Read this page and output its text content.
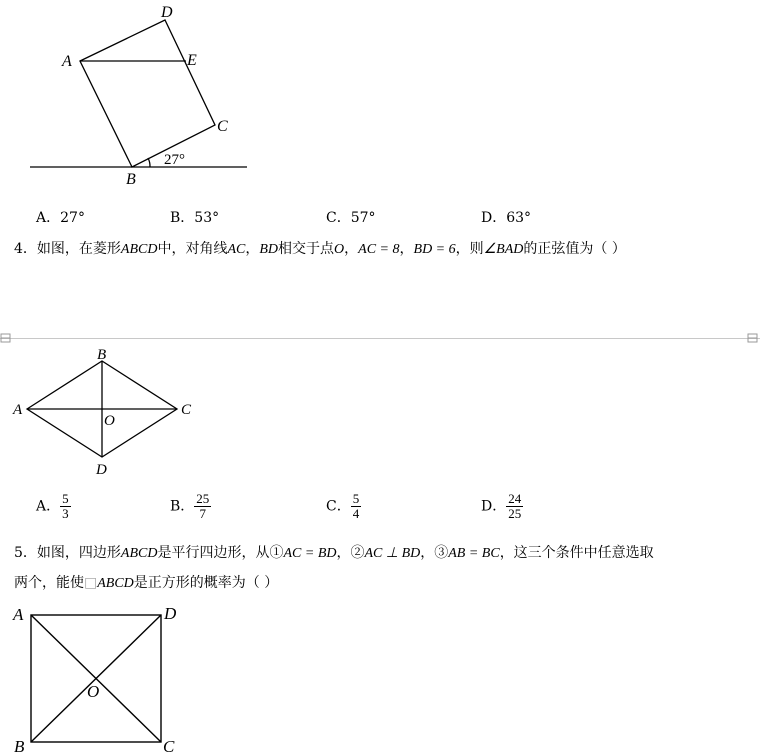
D
A	E
C
B
27°
A．27°	B．53°	C．57°	D．63°
4．如图，在菱形ABCD中，对角线AC，BD相交于点O，AC = 8，BD = 6，则∠BAD的正弦值为（ ）
B
A	C
O
D
A． $\frac{5}{3}$	B． $\frac{25}{7}$	C． $\frac{5}{4}$	D． $\frac{24}{25}$
5．如图，四边形ABCD是平行四边形，从①AC = BD，②AC ⊥ BD，③AB = BC，这三个条件中任意选取
两个，能使□ABCD是正方形的概率为（ ）
A	D
O
B	C
